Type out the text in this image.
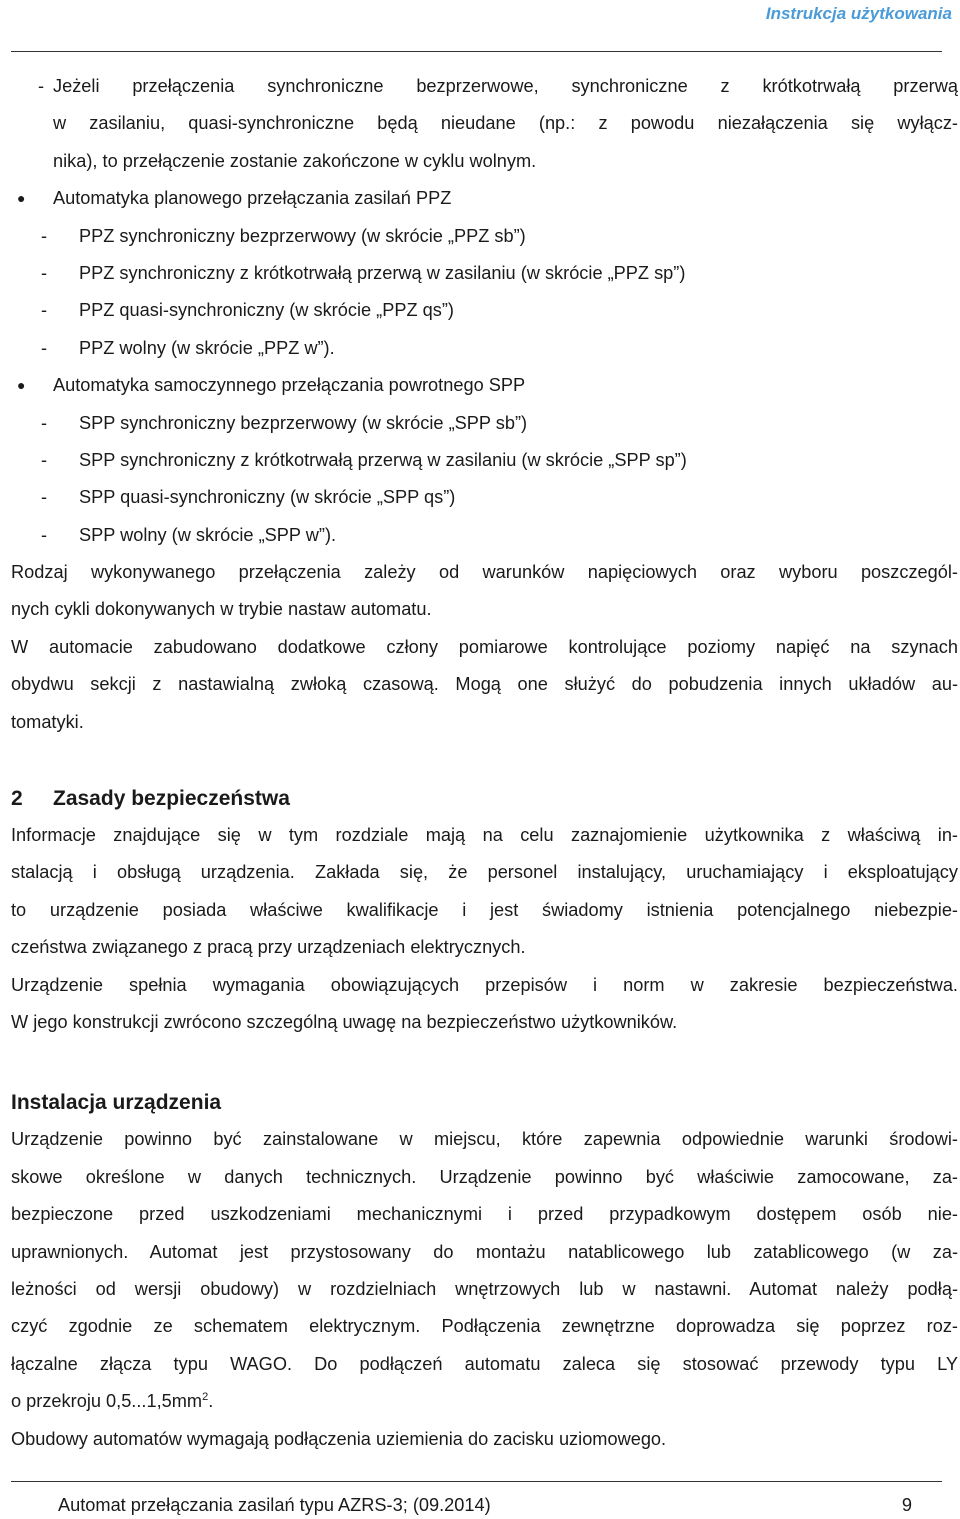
Instrukcja użytkowania
- Jeżeli przełączenia synchroniczne bezprzerwowe, synchroniczne z krótkotrwałą przerwą
w zasilaniu, quasi-synchroniczne będą nieudane (np.: z powodu niezałączenia się wyłącz-
nika), to przełączenie zostanie zakończone w cyklu wolnym.
● Automatyka planowego przełączania zasilań PPZ
- PPZ synchroniczny bezprzerwowy (w skrócie „PPZ sb”)
- PPZ synchroniczny z krótkotrwałą przerwą w zasilaniu (w skrócie „PPZ sp”)
- PPZ quasi-synchroniczny (w skrócie „PPZ qs”)
- PPZ wolny (w skrócie „PPZ w”).
● Automatyka samoczynnego przełączania powrotnego SPP
- SPP synchroniczny bezprzerwowy (w skrócie „SPP sb”)
- SPP synchroniczny z krótkotrwałą przerwą w zasilaniu (w skrócie „SPP sp”)
- SPP quasi-synchroniczny (w skrócie „SPP qs”)
- SPP wolny (w skrócie „SPP w”).
Rodzaj wykonywanego przełączenia zależy od warunków napięciowych oraz wyboru poszczegól-
nych cykli dokonywanych w trybie nastaw automatu.
W automacie zabudowano dodatkowe człony pomiarowe kontrolujące poziomy napięć na szynach
obydwu sekcji z nastawialną zwłoką czasową. Mogą one służyć do pobudzenia innych układów au-
tomatyki.
2 Zasady bezpieczeństwa
Informacje znajdujące się w tym rozdziale mają na celu zaznajomienie użytkownika z właściwą in-
stalacją i obsługą urządzenia. Zakłada się, że personel instalujący, uruchamiający i eksploatujący
to urządzenie posiada właściwe kwalifikacje i jest świadomy istnienia potencjalnego niebezpie-
czeństwa związanego z pracą przy urządzeniach elektrycznych.
Urządzenie spełnia wymagania obowiązujących przepisów i norm w zakresie bezpieczeństwa.
W jego konstrukcji zwrócono szczególną uwagę na bezpieczeństwo użytkowników.
Instalacja urządzenia
Urządzenie powinno być zainstalowane w miejscu, które zapewnia odpowiednie warunki środowi-
skowe określone w danych technicznych. Urządzenie powinno być właściwie zamocowane, za-
bezpieczone przed uszkodzeniami mechanicznymi i przed przypadkowym dostępem osób nie-
uprawnionych. Automat jest przystosowany do montażu natablicowego lub zatablicowego (w za-
leżności od wersji obudowy) w rozdzielniach wnętrzowych lub w nastawni. Automat należy podłą-
czyć zgodnie ze schematem elektrycznym. Podłączenia zewnętrzne doprowadza się poprzez roz-
łączalne złącza typu WAGO. Do podłączeń automatu zaleca się stosować przewody typu LY
o przekroju $0,5...1,5mm^2$.
Obudowy automatów wymagają podłączenia uziemienia do zacisku uziomowego.
Automat przełączania zasilań typu AZRS-3; (09.2014)	9
